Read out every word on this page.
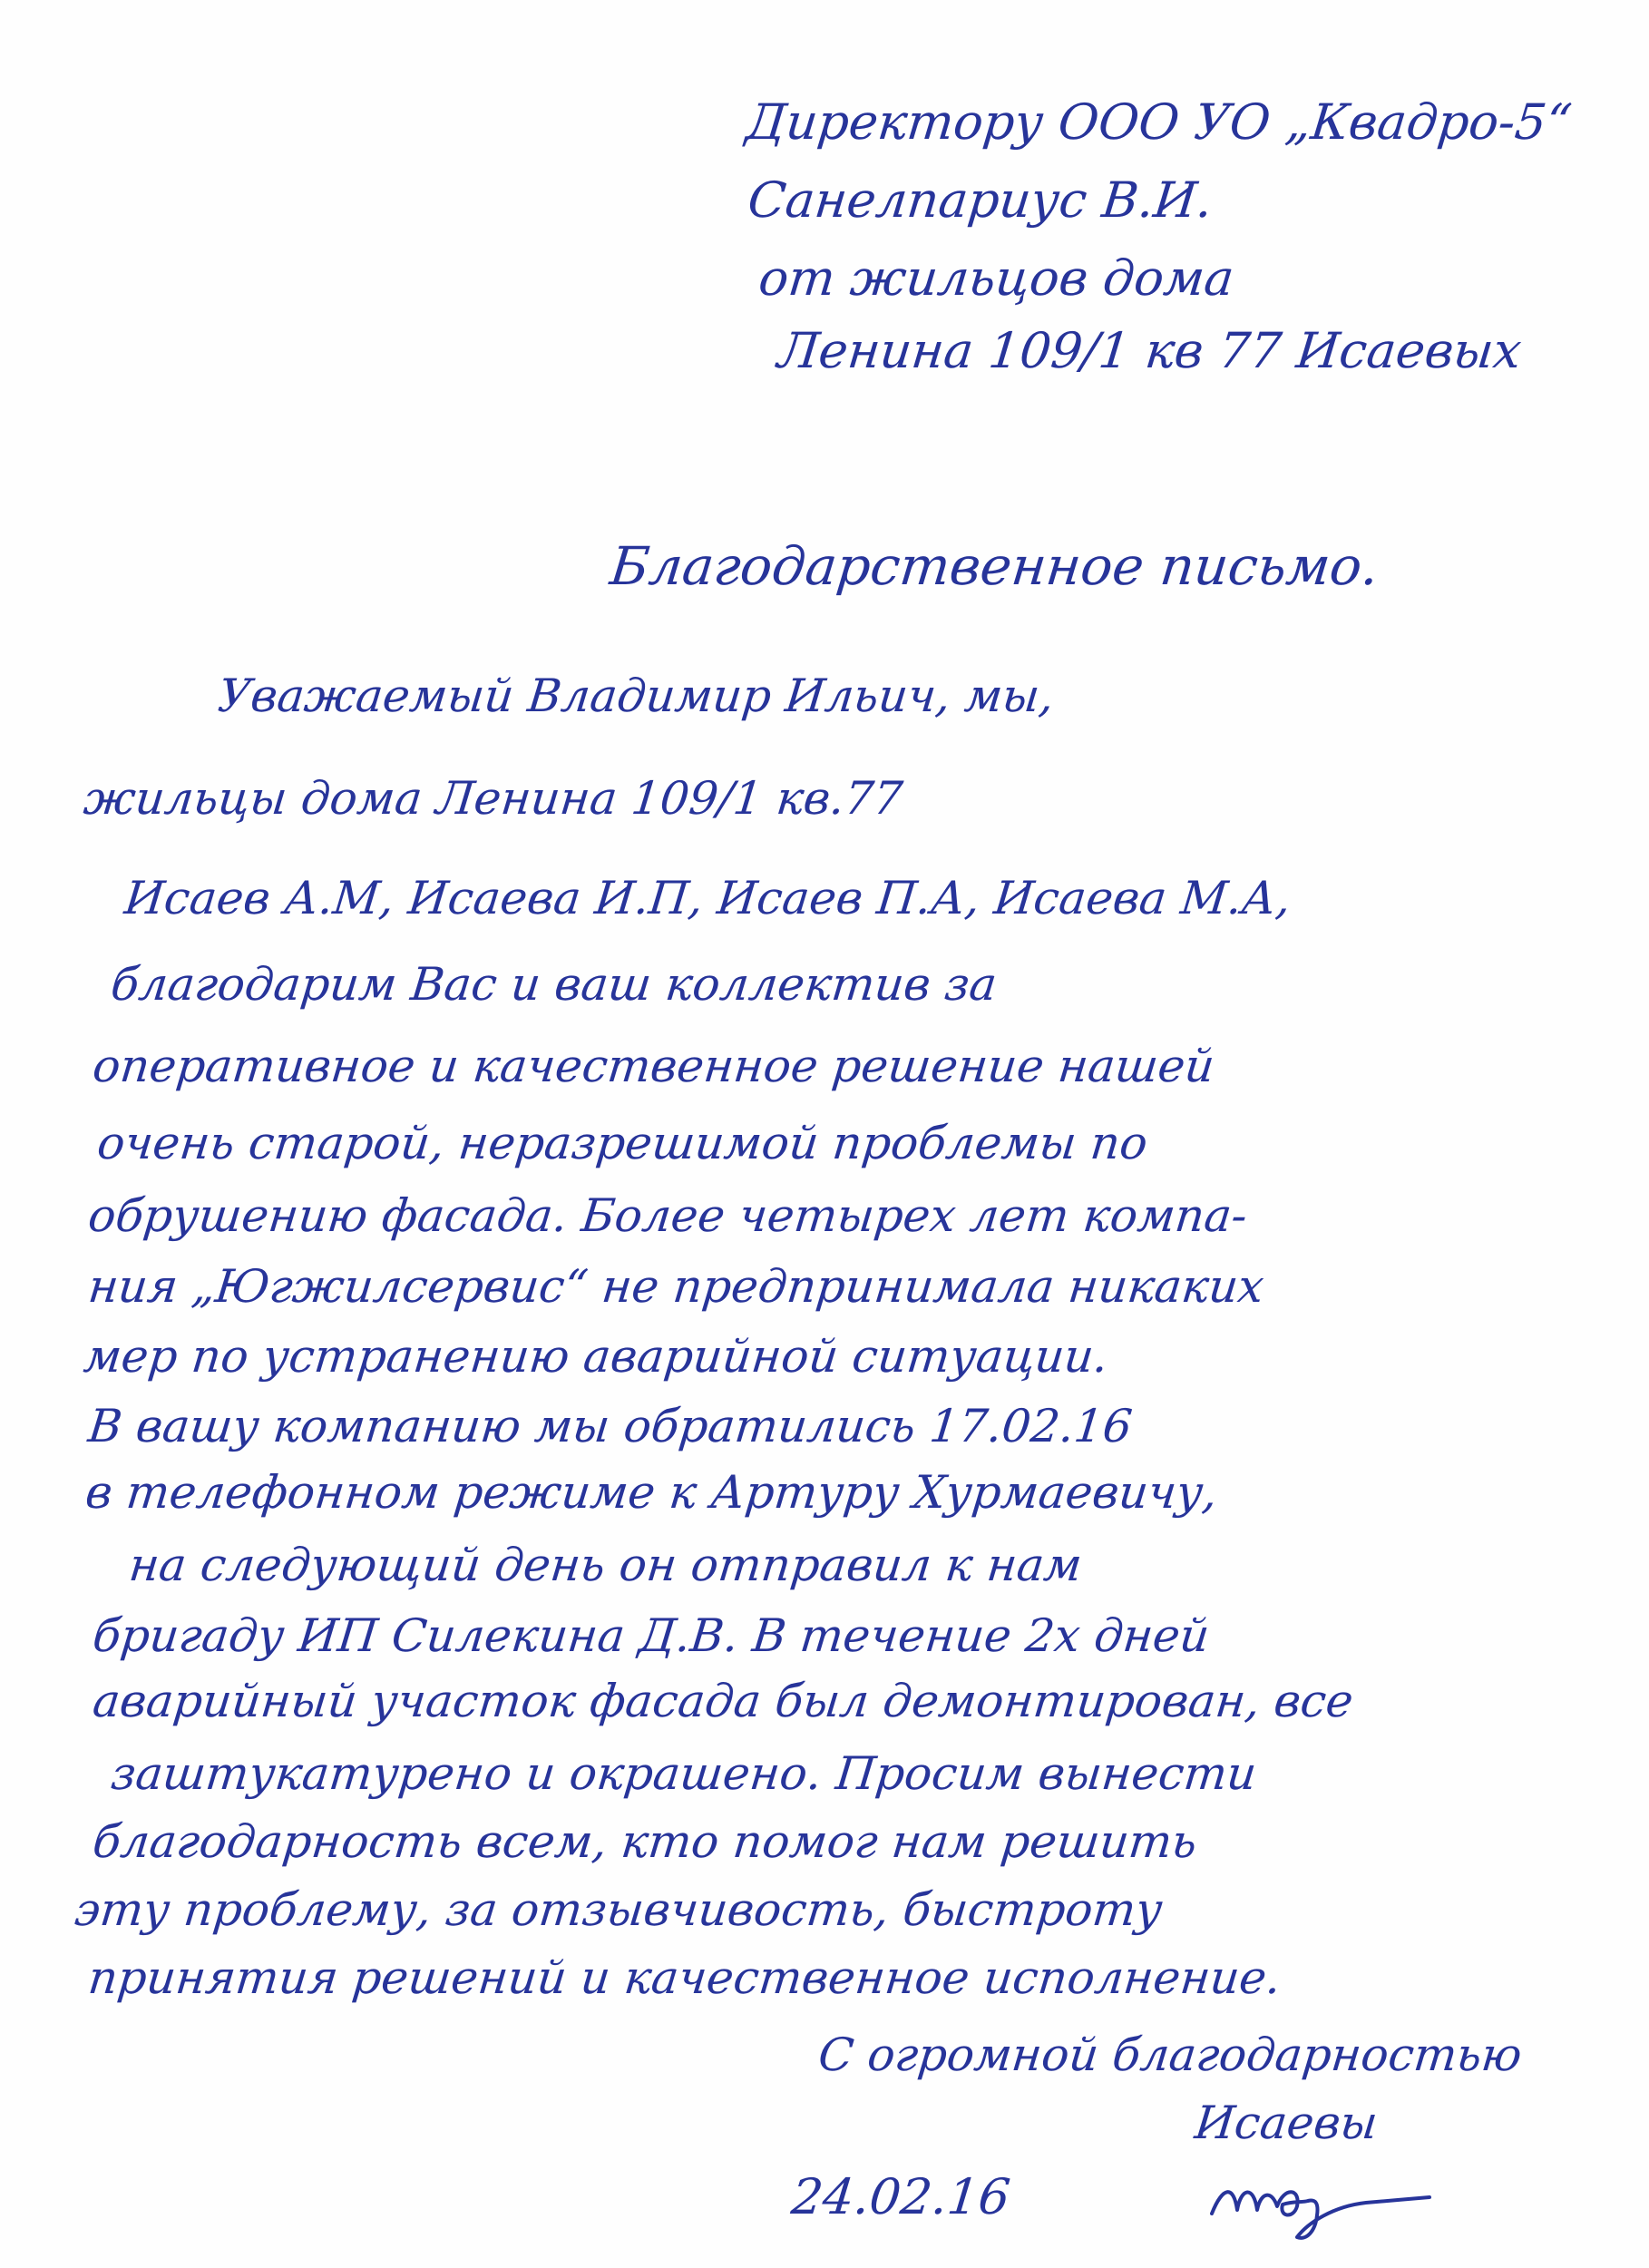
Директору ООО УО „Квадро-5“
Санелпариус В.И.
от жильцов дома
Ленина 109/1 кв 77 Исаевых
Благодарственное письмо.
Уважаемый Владимир Ильич, мы,
жильцы дома Ленина 109/1 кв.77
Исаев А.М, Исаева И.П, Исаев П.А, Исаева М.А,
благодарим Вас и ваш коллектив за
оперативное и качественное решение нашей
очень старой, неразрешимой проблемы по
обрушению фасада. Более четырех лет компа-
ния „Югжилсервис“ не предпринимала никаких
мер по устранению аварийной ситуации.
В вашу компанию мы обратились 17.02.16
в телефонном режиме к Артуру Хурмаевичу,
на следующий день он отправил к нам
бригаду ИП Силекина Д.В. В течение 2х дней
аварийный участок фасада был демонтирован, все
заштукатурено и окрашено. Просим вынести
благодарность всем, кто помог нам решить
эту проблему, за отзывчивость, быстроту
принятия решений и качественное исполнение.
С огромной благодарностью
Исаевы
24.02.16
